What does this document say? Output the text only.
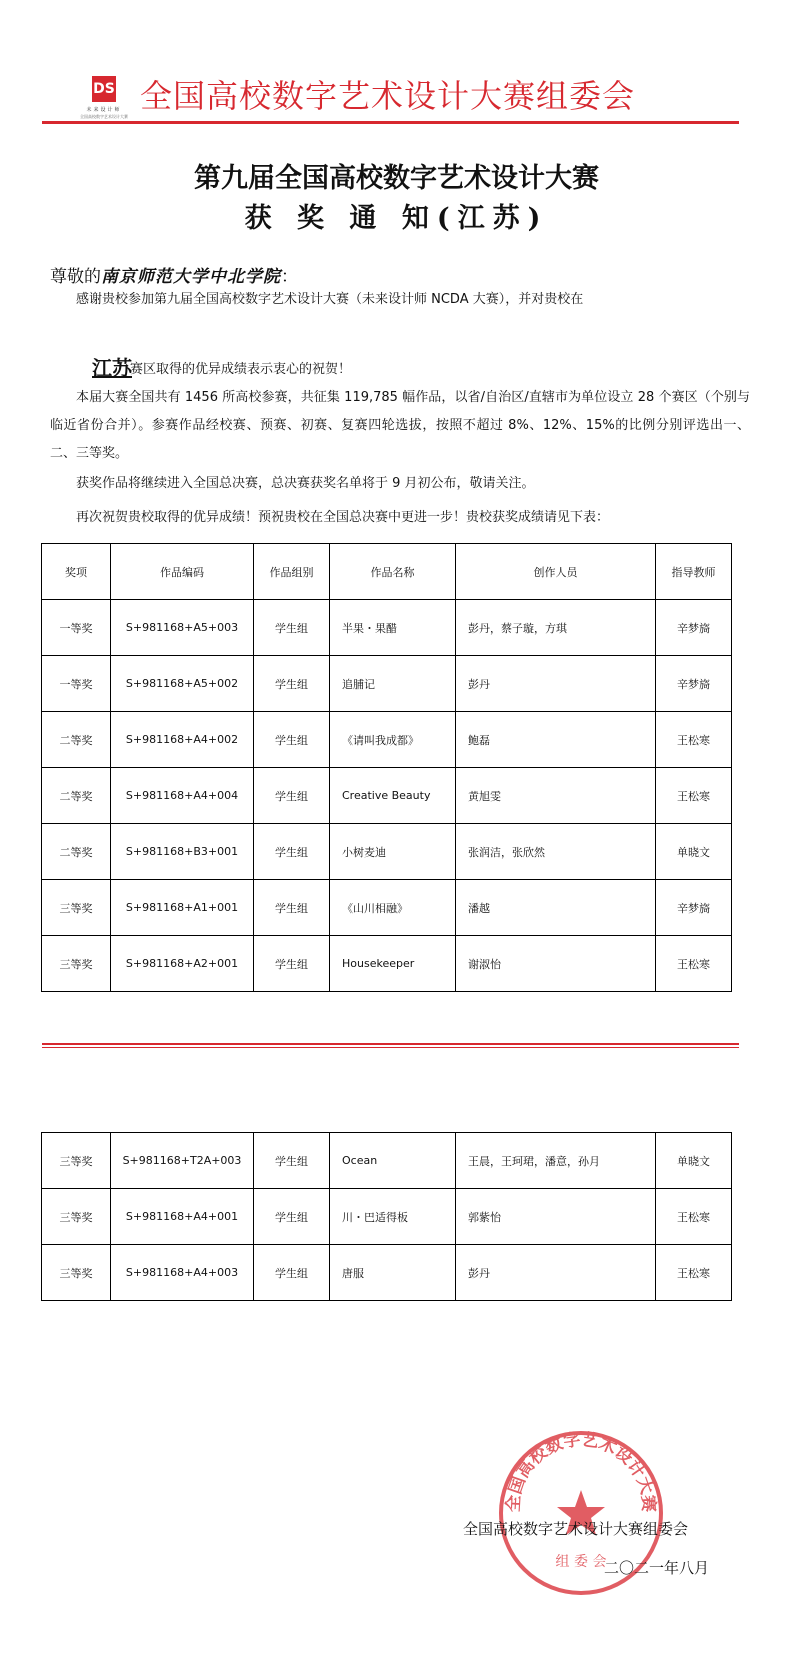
DS
未来设计师
全国高校数字艺术设计大赛
全国高校数字艺术设计大赛组委会
第九届全国高校数字艺术设计大赛
获 奖 通 知(江苏)
尊敬的南京师范大学中北学院：
感谢贵校参加第九届全国高校数字艺术设计大赛（未来设计师 NCDA 大赛），并对贵校在
江苏
赛区取得的优异成绩表示衷心的祝贺！
本届大赛全国共有 1456 所高校参赛，共征集 119,785 幅作品，以省/自治区/直辖市为单位设立 28 个赛区（个别与临近省份合并）。参赛作品经校赛、预赛、初赛、复赛四轮选拔，按照不超过 8%、12%、15%的比例分别评选出一、二、三等奖。
获奖作品将继续进入全国总决赛，总决赛获奖名单将于 9 月初公布，敬请关注。
再次祝贺贵校取得的优异成绩！预祝贵校在全国总决赛中更进一步！贵校获奖成绩请见下表：
奖项	作品编码	作品组别	作品名称	创作人员	指导教师
一等奖	S+981168+A5+003	学生组	半果・果醋	彭丹，蔡子璇，方琪	辛梦旖
一等奖	S+981168+A5+002	学生组	追脯记	彭丹	辛梦旖
二等奖	S+981168+A4+002	学生组	《请叫我成都》	鲍磊	王松寒
二等奖	S+981168+A4+004	学生组	Creative Beauty	黄旭雯	王松寒
二等奖	S+981168+B3+001	学生组	小树麦迪	张润洁，张欣然	单晓文
三等奖	S+981168+A1+001	学生组	《山川相融》	潘越	辛梦旖
三等奖	S+981168+A2+001	学生组	Housekeeper	谢淑怡	王松寒
三等奖	S+981168+T2A+003	学生组	Ocean	王晨，王珂珺，潘意，孙月	单晓文
三等奖	S+981168+A4+001	学生组	川・巴适得板	郭紫怡	王松寒
三等奖	S+981168+A4+003	学生组	唐服	彭丹	王松寒
全国高校数字艺术设计大赛
组 委 会
全国高校数字艺术设计大赛组委会
二〇二一年八月
